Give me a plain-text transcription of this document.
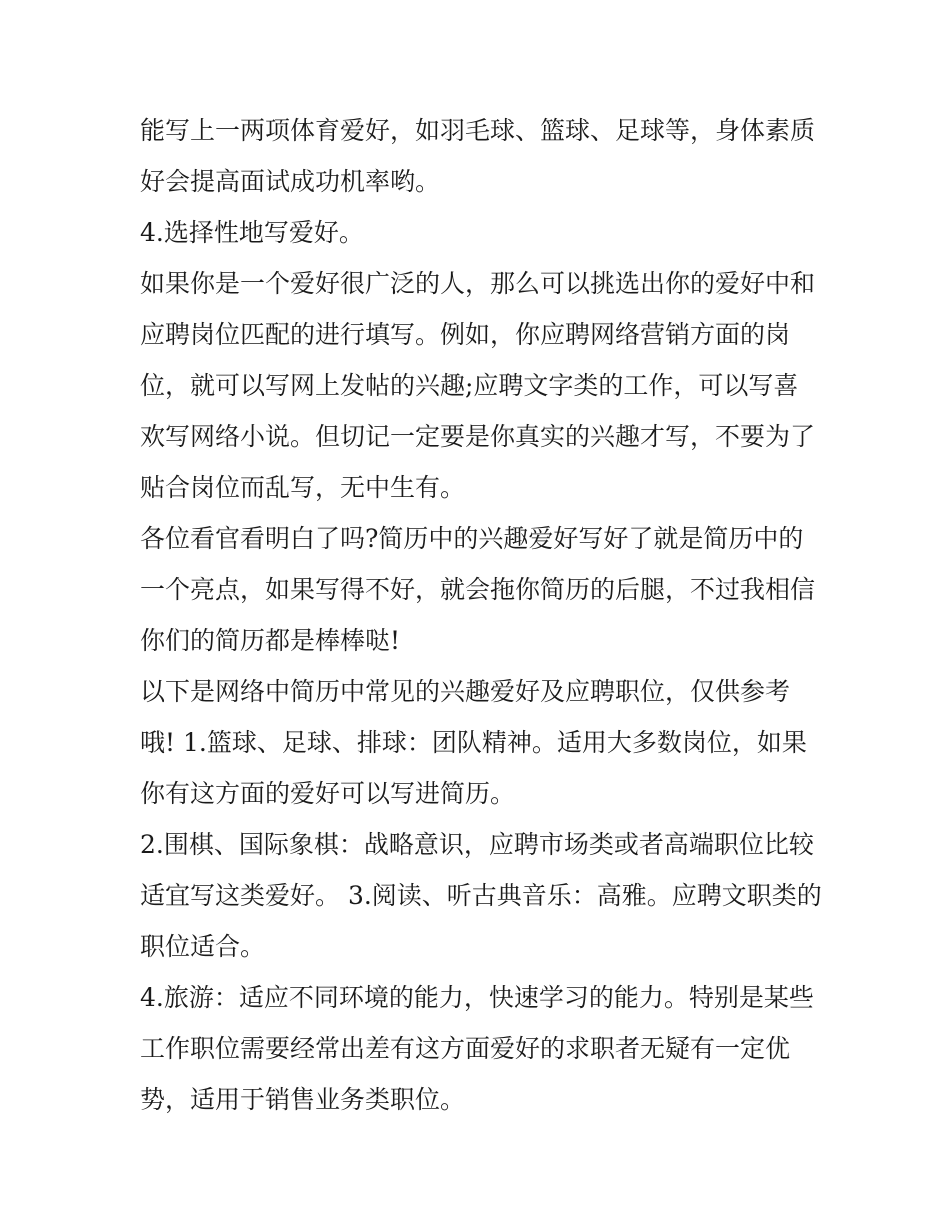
能写上一两项体育爱好，如羽毛球、篮球、足球等，身体素质
好会提高面试成功机率哟。
4.选择性地写爱好。
如果你是一个爱好很广泛的人，那么可以挑选出你的爱好中和
应聘岗位匹配的进行填写。例如，你应聘网络营销方面的岗
位，就可以写网上发帖的兴趣;应聘文字类的工作，可以写喜
欢写网络小说。但切记一定要是你真实的兴趣才写，不要为了
贴合岗位而乱写，无中生有。
各位看官看明白了吗?简历中的兴趣爱好写好了就是简历中的
一个亮点，如果写得不好，就会拖你简历的后腿，不过我相信
你们的简历都是棒棒哒!
以下是网络中简历中常见的兴趣爱好及应聘职位，仅供参考
哦! 1.篮球、足球、排球：团队精神。适用大多数岗位，如果
你有这方面的爱好可以写进简历。
2.围棋、国际象棋：战略意识，应聘市场类或者高端职位比较
适宜写这类爱好。 3.阅读、听古典音乐：高雅。应聘文职类的
职位适合。
4.旅游：适应不同环境的能力，快速学习的能力。特别是某些
工作职位需要经常出差有这方面爱好的求职者无疑有一定优
势，适用于销售业务类职位。
